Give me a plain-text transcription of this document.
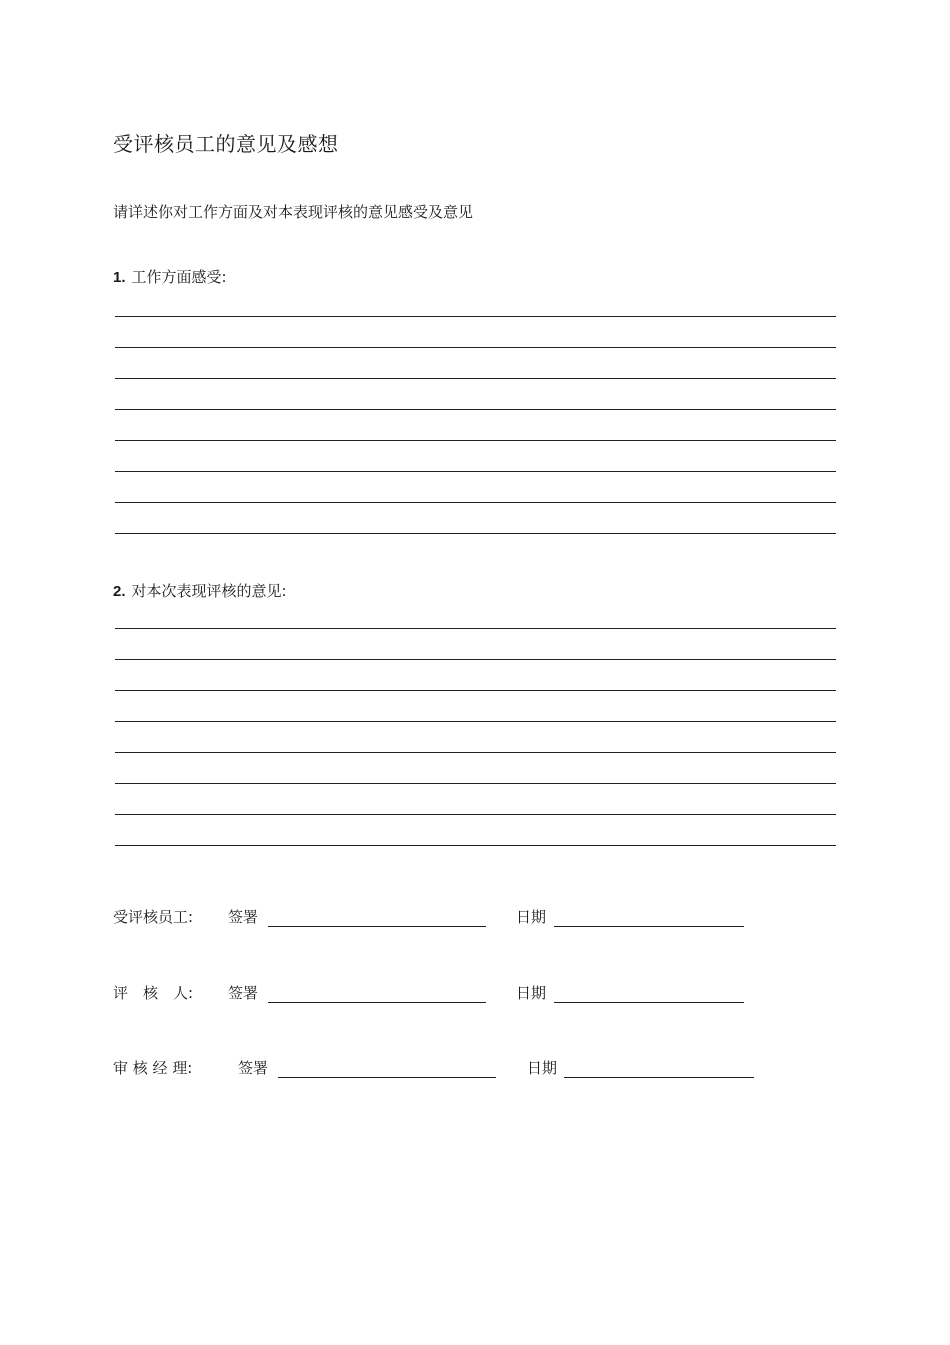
受评核员工的意见及感想

请详述你对工作方面及对本表现评核的意见感受及意见

1. 工作方面感受:

2. 对本次表现评核的意见:

受评核员工: 签署	日期
评　核　人: 签署	日期
审 核 经 理:	签署	日期
